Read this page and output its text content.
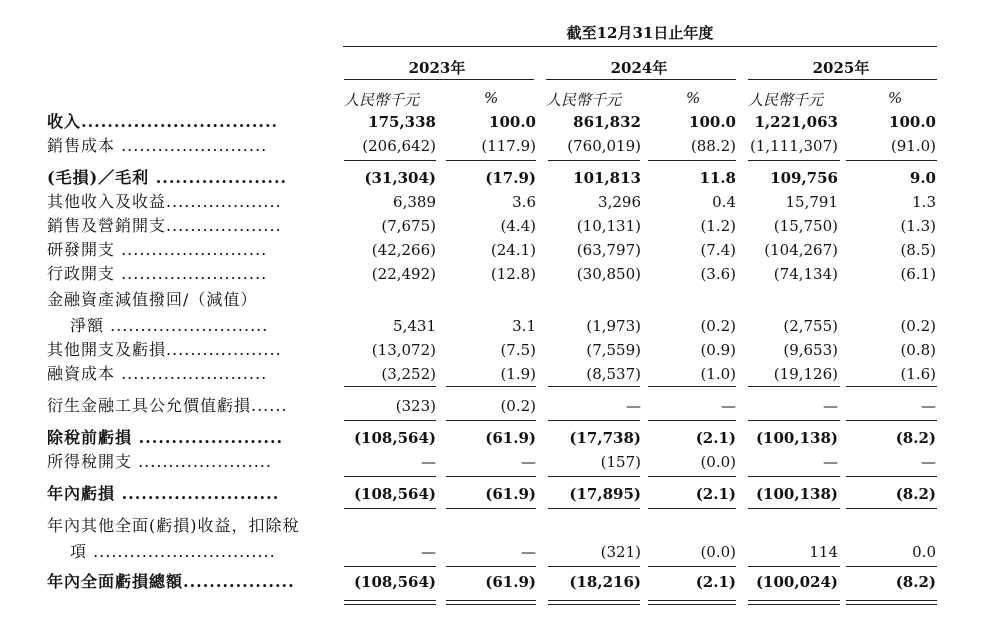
截至12月31日止年度
2023年	2024年	2025年
人民幣千元	%	人民幣千元	%	人民幣千元	%
收入..............................	175,338	100.0	861,832	100.0	1,221,063	100.0
銷售成本 ........................	(206,642)	(117.9)	(760,019)	(88.2) (1,111,307)	(91.0)
(毛損)／毛利 ....................	(31,304)	(17.9)	101,813	11.8	109,756	9.0
其他收入及收益...................	6,389	3.6	3,296	0.4	15,791	1.3
銷售及營銷開支...................	(7,675)	(4.4)	(10,131)	(1.2)	(15,750)	(1.3)
研發開支 ........................	(42,266)	(24.1)	(63,797)	(7.4)	(104,267)	(8.5)
行政開支 ........................	(22,492)	(12.8)	(30,850)	(3.6)	(74,134)	(6.1)
金融資產減值撥回/（減值）
淨額 ..........................	5,431	3.1	(1,973)	(0.2)	(2,755)	(0.2)
其他開支及虧損...................	(13,072)	(7.5)	(7,559)	(0.9)	(9,653)	(0.8)
融資成本 ........................	(3,252)	(1.9)	(8,537)	(1.0)	(19,126)	(1.6)
衍生金融工具公允價值虧損......	(323)	(0.2)	—	—	—	—
除稅前虧損 ......................	(108,564)	(61.9)	(17,738)	(2.1)	(100,138)	(8.2)
所得稅開支 ......................	—	—	(157)	(0.0)	—	—
年內虧損 ........................	(108,564)	(61.9)	(17,895)	(2.1)	(100,138)	(8.2)
年內其他全面(虧損)收益，扣除稅
項 ..............................	—	—	(321)	(0.0)	114	0.0
年內全面虧損總額.................	(108,564)	(61.9)	(18,216)	(2.1)	(100,024)	(8.2)
